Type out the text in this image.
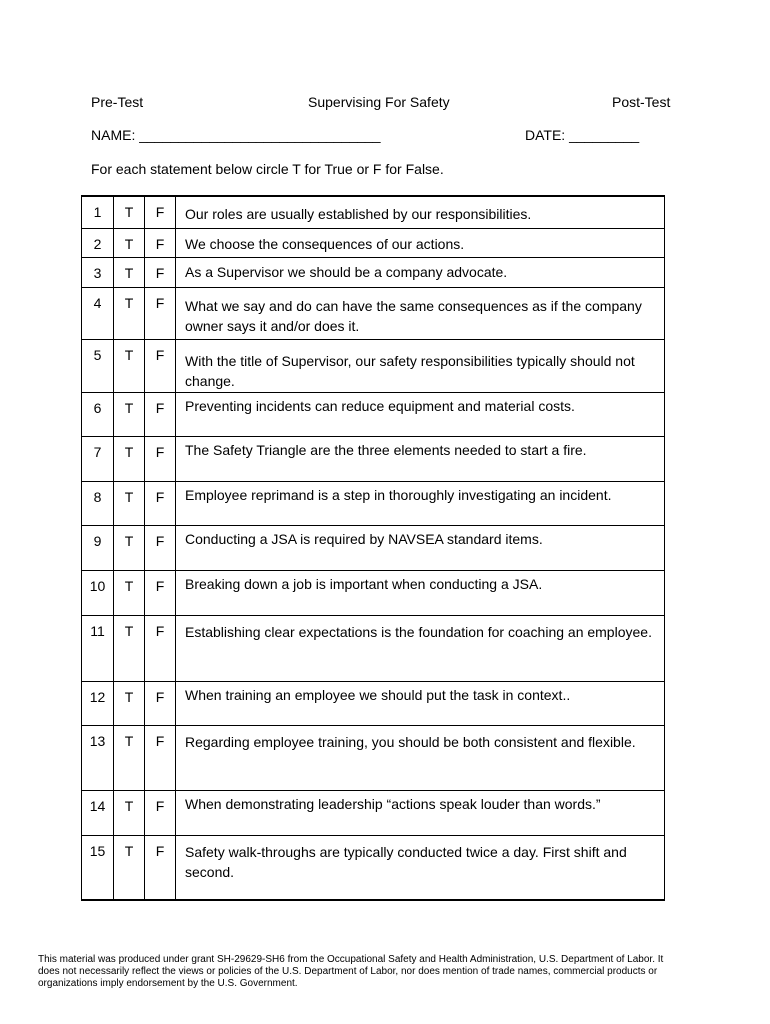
Pre-Test	Supervising For Safety	Post-Test
NAME: _______________________________	DATE: _________
For each statement below circle T for True or F for False.
1	T	F	Our roles are usually established by our responsibilities.
2	T	F	We choose the consequences of our actions.
3	T	F	As a Supervisor we should be a company advocate.
4	T	F	What we say and do can have the same consequences as if the company owner says it and/or does it.
5	T	F	With the title of Supervisor, our safety responsibilities typically should not change.
6	T	F	Preventing incidents can reduce equipment and material costs.
7	T	F	The Safety Triangle are the three elements needed to start a fire.
8	T	F	Employee reprimand is a step in thoroughly investigating an incident.
9	T	F	Conducting a JSA is required by NAVSEA standard items.
10	T	F	Breaking down a job is important when conducting a JSA.
11	T	F	Establishing clear expectations is the foundation for coaching an employee.
12	T	F	When training an employee we should put the task in context..
13	T	F	Regarding employee training, you should be both consistent and flexible.
14	T	F	When demonstrating leadership “actions speak louder than words.”
15	T	F	Safety walk-throughs are typically conducted twice a day. First shift and second.
This material was produced under grant SH-29629-SH6 from the Occupational Safety and Health Administration, U.S. Department of Labor. It does not necessarily reflect the views or policies of the U.S. Department of Labor, nor does mention of trade names, commercial products or organizations imply endorsement by the U.S. Government.
